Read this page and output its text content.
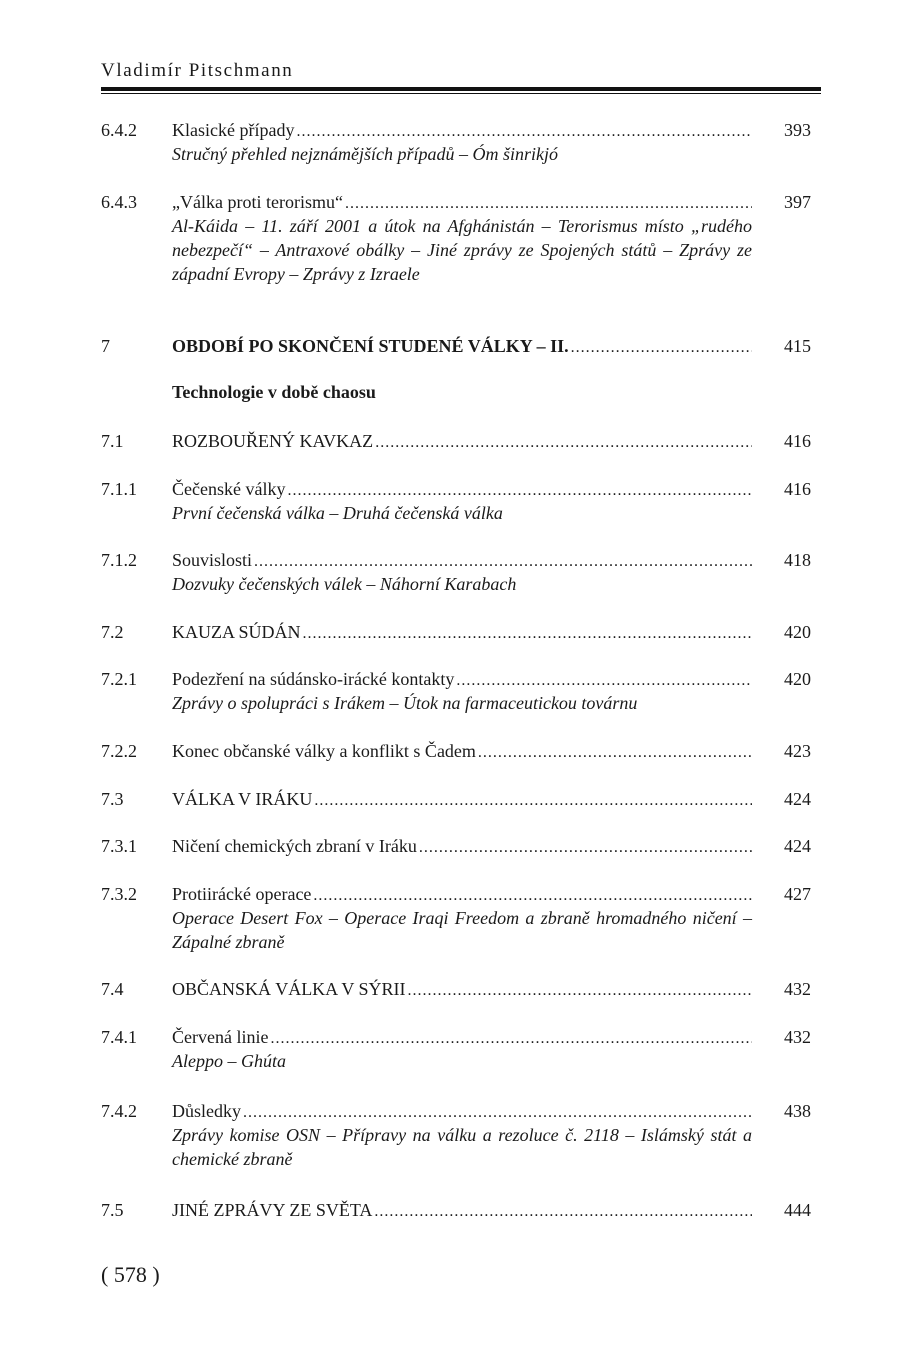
Vladimír Pitschmann
6.4.2 Klasické případy .....	393
Stručný přehled nejznámějších případů – Óm šinrikjó
6.4.3 „Válka proti terorismu“ .....	397
Al-Káida – 11. září 2001 a útok na Afghánistán – Terorismus místo „rudého nebezpečí“ – Antraxové obálky – Jiné zprávy ze Spojených států – Zprávy ze západní Evropy – Zprávy z Izraele
7	OBDOBÍ PO SKONČENÍ STUDENÉ VÁLKY – II. .....	415
Technologie v době chaosu
7.1	ROZBOUŘENÝ KAVKAZ .....	416
7.1.1 Čečenské války .....	416
První čečenská válka – Druhá čečenská válka
7.1.2 Souvislosti .....	418
Dozvuky čečenských válek – Náhorní Karabach
7.2	KAUZA SÚDÁN .....	420
7.2.1 Podezření na súdánsko-irácké kontakty .....	420
Zprávy o spolupráci s Irákem – Útok na farmaceutickou továrnu
7.2.2 Konec občanské války a konflikt s Čadem .....	423
7.3	VÁLKA V IRÁKU .....	424
7.3.1 Ničení chemických zbraní v Iráku .....	424
7.3.2 Protiirácké operace .....	427
Operace Desert Fox – Operace Iraqi Freedom a zbraně hromadného ničení – Zápalné zbraně
7.4	OBČANSKÁ VÁLKA V SÝRII .....	432
7.4.1 Červená linie .....	432
Aleppo – Ghúta
7.4.2 Důsledky .....	438
Zprávy komise OSN – Přípravy na válku a rezoluce č. 2118 – Islámský stát a chemické zbraně
7.5	JINÉ ZPRÁVY ZE SVĚTA .....	444
( 578 )
